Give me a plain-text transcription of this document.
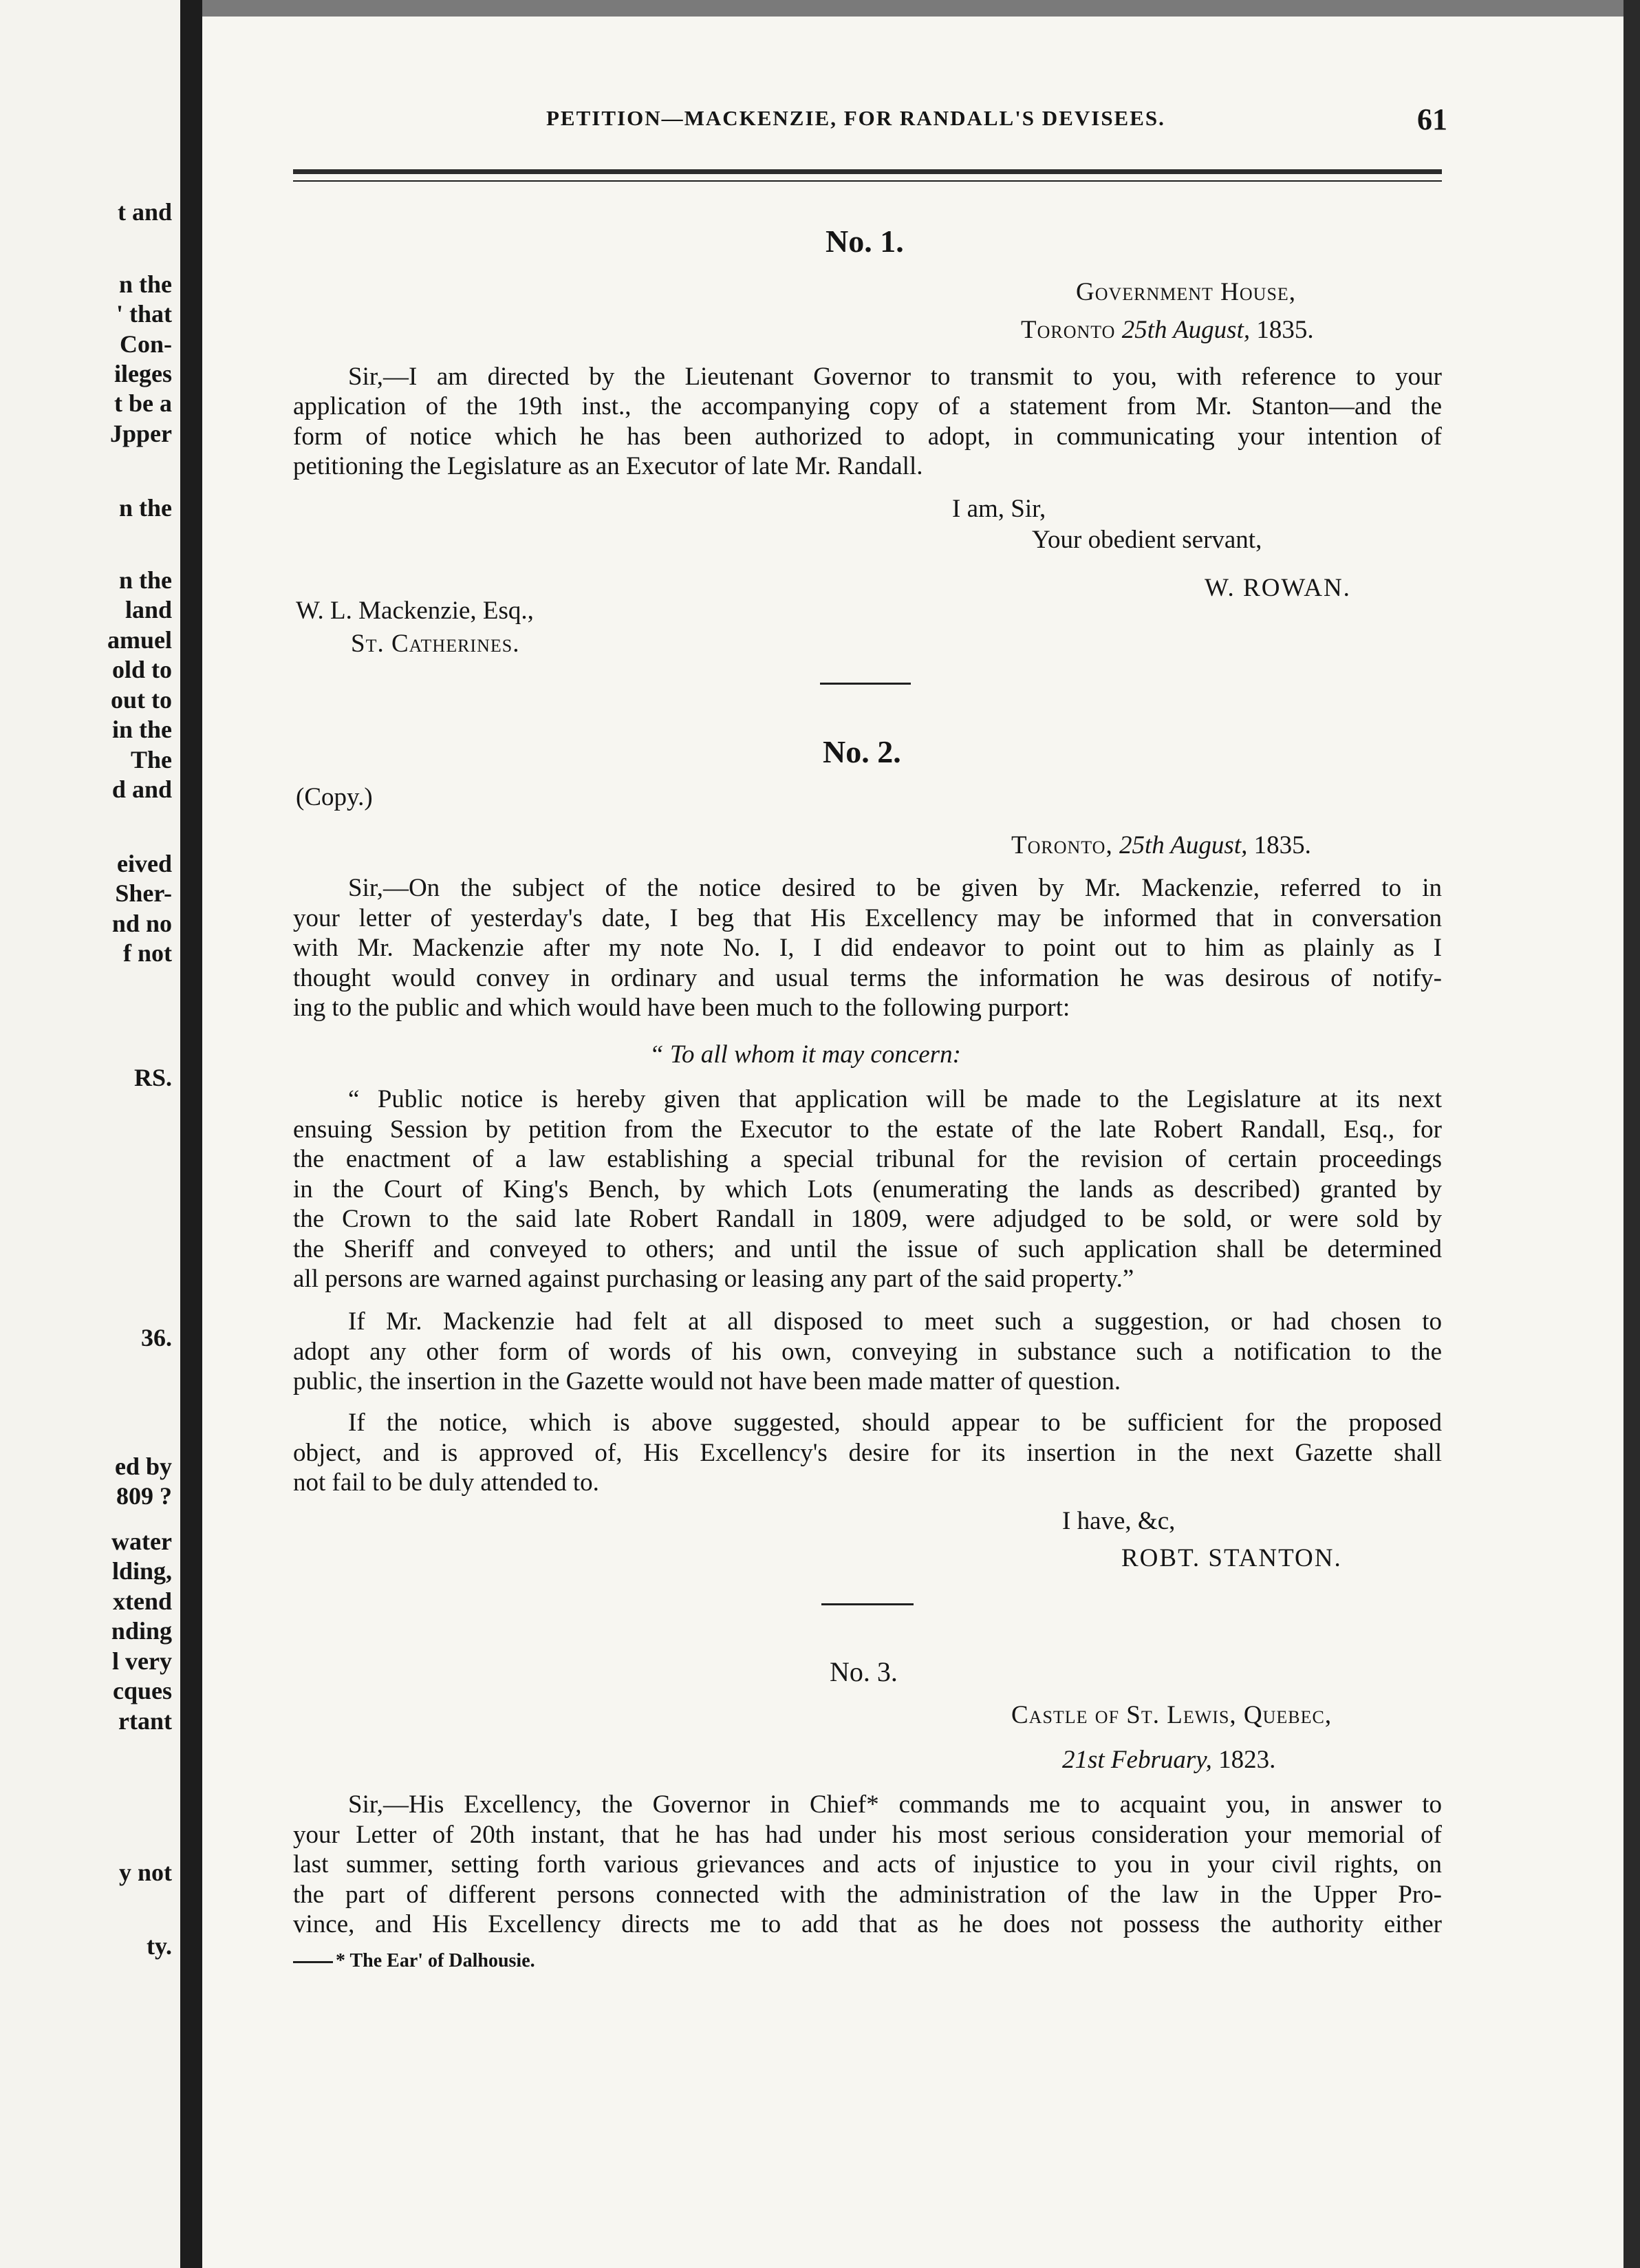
t and
n the
' that
Con-
ileges
t be a
Jpper
n the
n the
land
amuel
old to
out to
in the
The
d and
eived
Sher-
nd no
f not
RS.
36.
ed by
809 ?
water
lding,
xtend
nding
l very
cques
rtant
y not
ty.
PETITION—MACKENZIE, FOR RANDALL'S DEVISEES.	61
No. 1.
Government House,
Toronto 25th August, 1835.
Sir,—I am directed by the Lieutenant Governor to transmit to you, with reference to your
application of the 19th inst., the accompanying copy of a statement from Mr. Stanton—and the
form of notice which he has been authorized to adopt, in communicating your intention of
petitioning the Legislature as an Executor of late Mr. Randall.
I am, Sir,
Your obedient servant,
W. ROWAN.
W. L. Mackenzie, Esq.,
St. Catherines.
No. 2.
(Copy.)
Toronto, 25th August, 1835.
Sir,—On the subject of the notice desired to be given by Mr. Mackenzie, referred to in
your letter of yesterday's date, I beg that His Excellency may be informed that in conversation
with Mr. Mackenzie after my note No. I, I did endeavor to point out to him as plainly as I
thought would convey in ordinary and usual terms the information he was desirous of notify-
ing to the public and which would have been much to the following purport:
“ To all whom it may concern:
“ Public notice is hereby given that application will be made to the Legislature at its next
ensuing Session by petition from the Executor to the estate of the late Robert Randall, Esq., for
the enactment of a law establishing a special tribunal for the revision of certain proceedings
in the Court of King's Bench, by which Lots (enumerating the lands as described) granted by
the Crown to the said late Robert Randall in 1809, were adjudged to be sold, or were sold by
the Sheriff and conveyed to others; and until the issue of such application shall be determined
all persons are warned against purchasing or leasing any part of the said property.”
If Mr. Mackenzie had felt at all disposed to meet such a suggestion, or had chosen to
adopt any other form of words of his own, conveying in substance such a notification to the
public, the insertion in the Gazette would not have been made matter of question.
If the notice, which is above suggested, should appear to be sufficient for the proposed
object, and is approved of, His Excellency's desire for its insertion in the next Gazette shall
not fail to be duly attended to.
I have, &c,
ROBT. STANTON.
No. 3.
Castle of St. Lewis, Quebec,
21st February, 1823.
Sir,—His Excellency, the Governor in Chief* commands me to acquaint you, in answer to
your Letter of 20th instant, that he has had under his most serious consideration your memorial of
last summer, setting forth various grievances and acts of injustice to you in your civil rights, on
the part of different persons connected with the administration of the law in the Upper Pro-
vince, and His Excellency directs me to add that as he does not possess the authority either
* The Ear' of Dalhousie.
